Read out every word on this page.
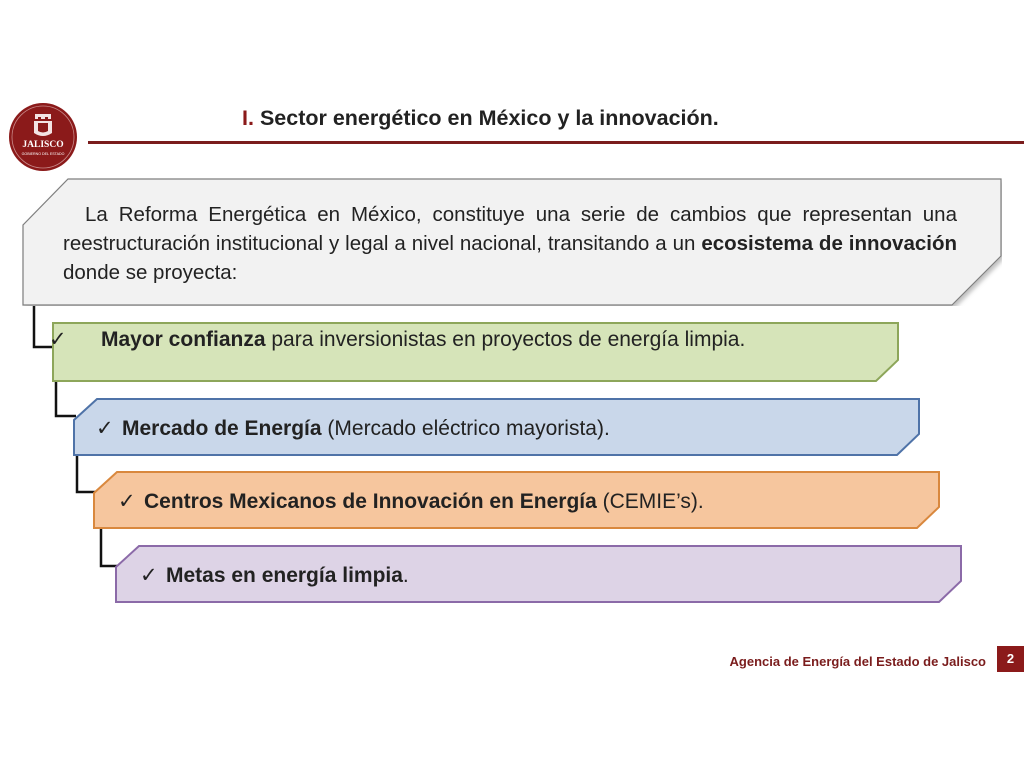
JALISCO
GOBIERNO DEL ESTADO
I. Sector energético en México y la innovación.
La Reforma Energética en México, constituye una serie de cambios que representan una reestructuración institucional y legal a nivel nacional, transitando a un ecosistema de innovación donde se proyecta:
✓ Mayor confianza para inversionistas en proyectos de energía limpia.
✓ Mercado de Energía (Mercado eléctrico mayorista).
✓ Centros Mexicanos de Innovación en Energía (CEMIE’s).
✓ Metas en energía limpia.
Agencia de Energía del Estado de Jalisco	2
